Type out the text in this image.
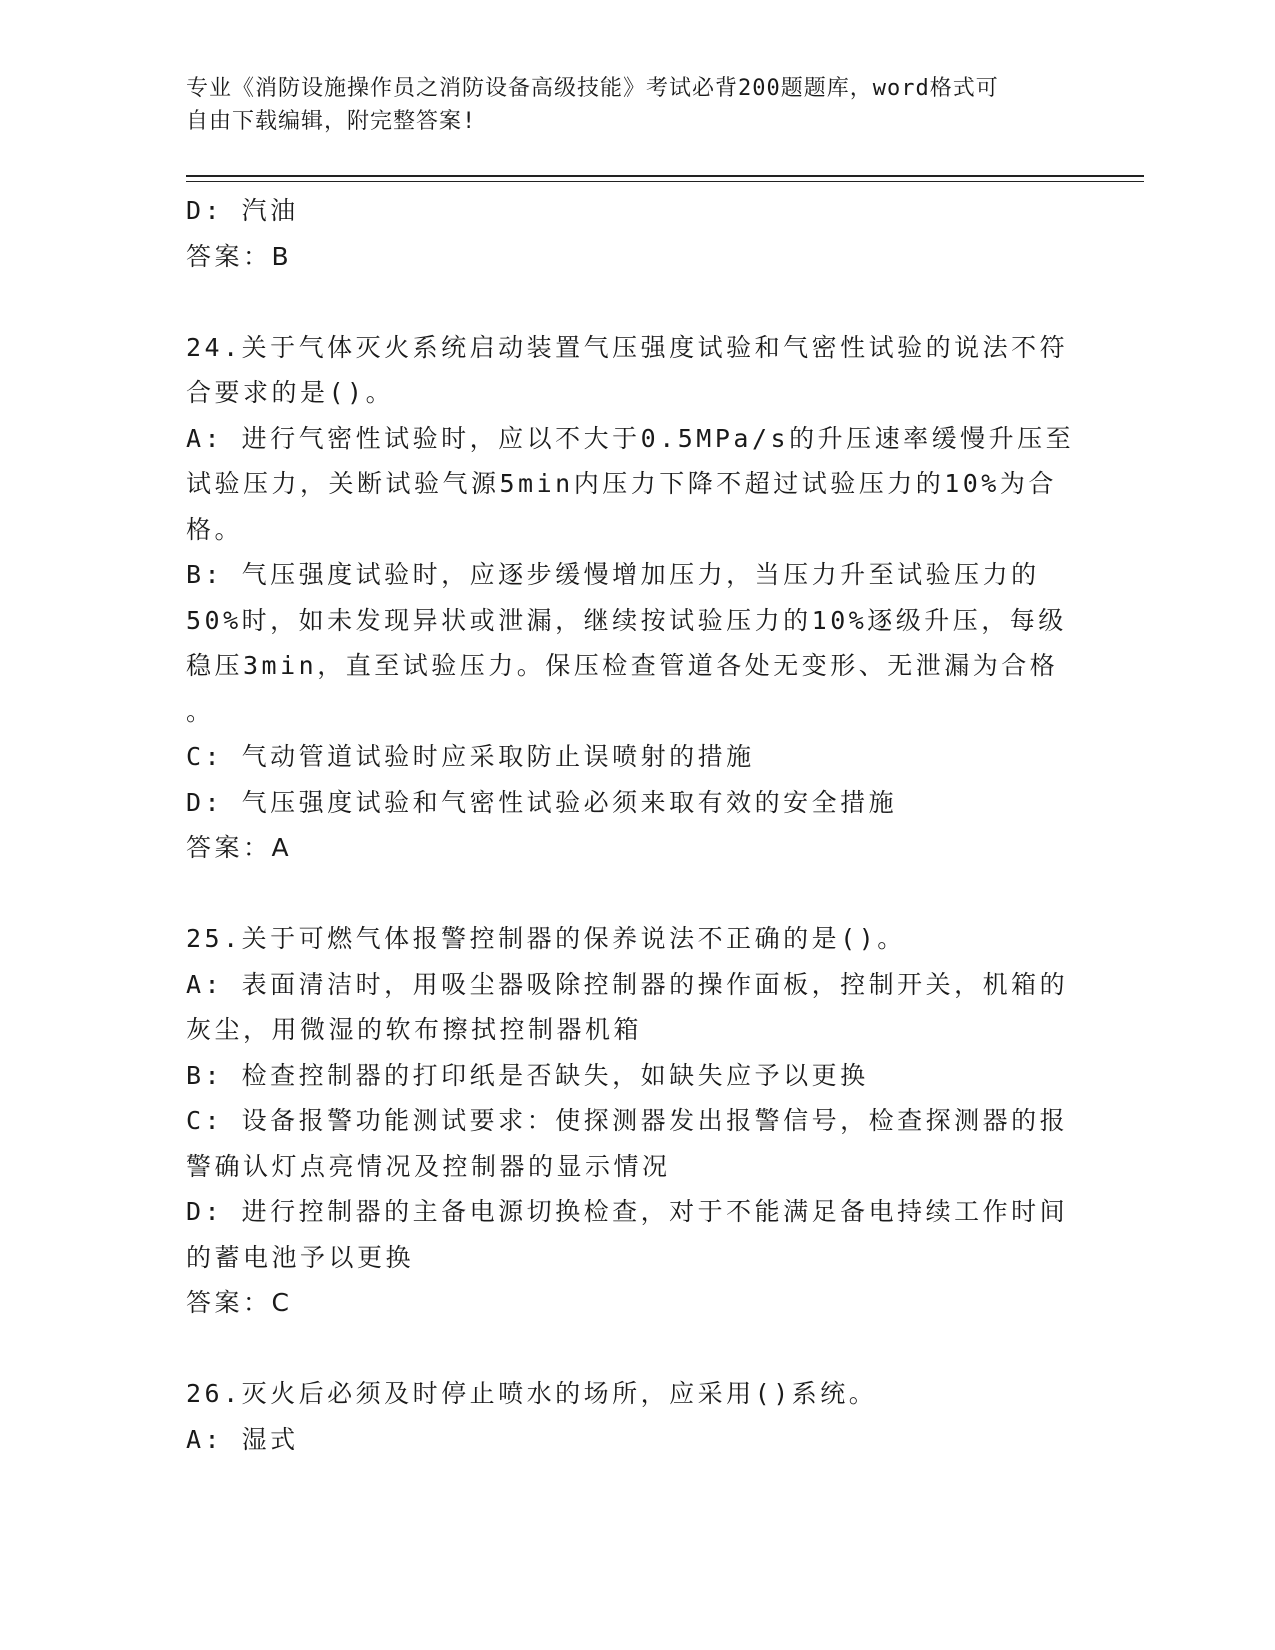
专业《消防设施操作员之消防设备高级技能》考试必背200题题库，word格式可
自由下载编辑，附完整答案!
D: 汽油
答案：B
24.关于气体灭火系统启动装置气压强度试验和气密性试验的说法不符
合要求的是()。
A: 进行气密性试验时，应以不大于0.5MPa/s的升压速率缓慢升压至
试验压力，关断试验气源5min内压力下降不超过试验压力的10%为合
格。
B: 气压强度试验时，应逐步缓慢增加压力，当压力升至试验压力的
50%时，如未发现异状或泄漏，继续按试验压力的10%逐级升压，每级
稳压3min，直至试验压力。保压检查管道各处无变形、无泄漏为合格
。
C: 气动管道试验时应采取防止误喷射的措施
D: 气压强度试验和气密性试验必须来取有效的安全措施
答案：A
25.关于可燃气体报警控制器的保养说法不正确的是()。
A: 表面清洁时，用吸尘器吸除控制器的操作面板，控制开关，机箱的
灰尘，用微湿的软布擦拭控制器机箱
B: 检查控制器的打印纸是否缺失，如缺失应予以更换
C: 设备报警功能测试要求：使探测器发出报警信号，检查探测器的报
警确认灯点亮情况及控制器的显示情况
D: 进行控制器的主备电源切换检查，对于不能满足备电持续工作时间
的蓄电池予以更换
答案：C
26.灭火后必须及时停止喷水的场所，应采用()系统。
A: 湿式
